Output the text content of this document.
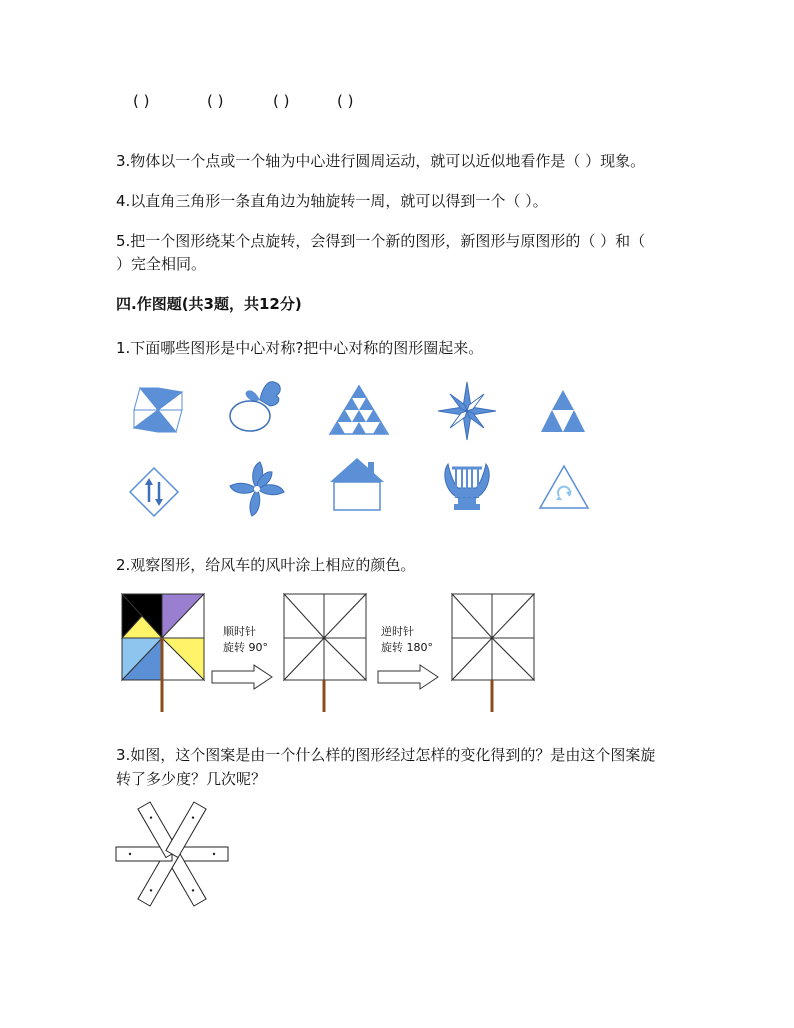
( )	( )	( )	( )
3.物体以一个点或一个轴为中心进行圆周运动，就可以近似地看作是（ ）现象。
4.以直角三角形一条直角边为轴旋转一周，就可以得到一个（ ）。
5.把一个图形绕某个点旋转，会得到一个新的图形，新图形与原图形的（ ）和（
）完全相同。
四.作图题(共3题，共12分)
1.下面哪些图形是中心对称?把中心对称的图形圈起来。
2.观察图形，给风车的风叶涂上相应的颜色。
顺时针
旋转 90°
逆时针
旋转 180°
3.如图，这个图案是由一个什么样的图形经过怎样的变化得到的？是由这个图案旋
转了多少度？几次呢？
